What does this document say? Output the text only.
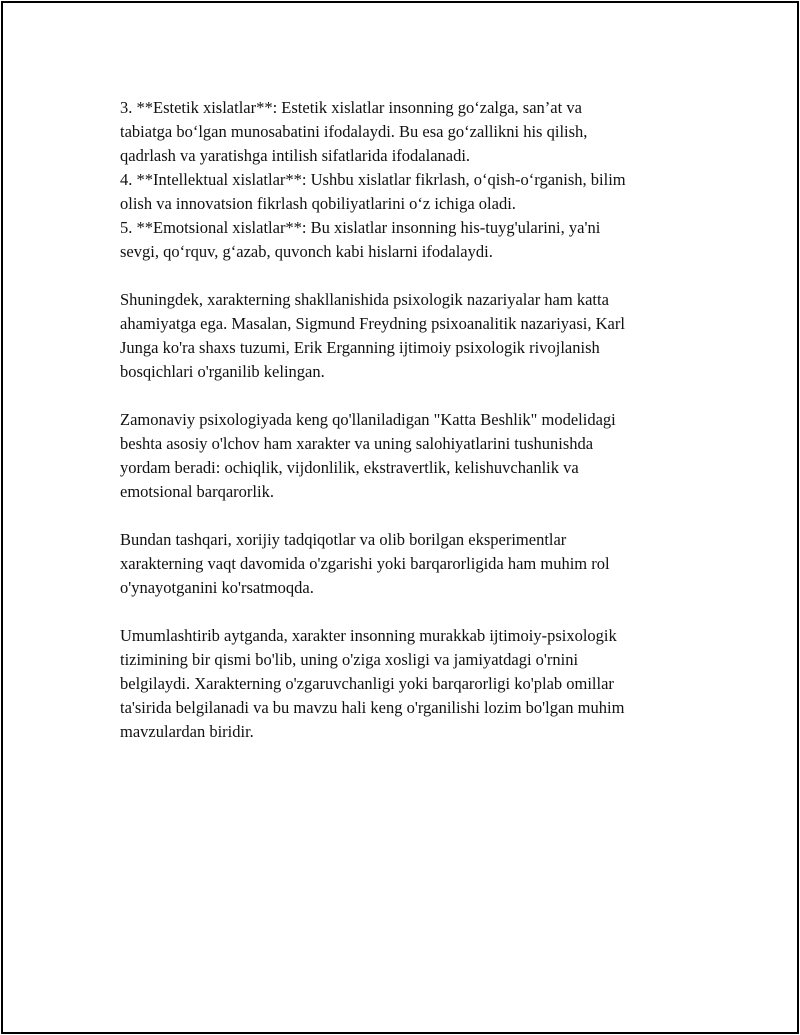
3. **Estetik xislatlar**: Estetik xislatlar insonning go‘zalga, san’at va
tabiatga bo‘lgan munosabatini ifodalaydi. Bu esa go‘zallikni his qilish,
qadrlash va yaratishga intilish sifatlarida ifodalanadi.
4. **Intellektual xislatlar**: Ushbu xislatlar fikrlash, o‘qish-o‘rganish, bilim
olish va innovatsion fikrlash qobiliyatlarini o‘z ichiga oladi.
5. **Emotsional xislatlar**: Bu xislatlar insonning his-tuyg'ularini, ya'ni
sevgi, qo‘rquv, g‘azab, quvonch kabi hislarni ifodalaydi.
Shuningdek, xarakterning shakllanishida psixologik nazariyalar ham katta
ahamiyatga ega. Masalan, Sigmund Freydning psixoanalitik nazariyasi, Karl
Junga ko'ra shaxs tuzumi, Erik Erganning ijtimoiy psixologik rivojlanish
bosqichlari o'rganilib kelingan.
Zamonaviy psixologiyada keng qo'llaniladigan "Katta Beshlik" modelidagi
beshta asosiy o'lchov ham xarakter va uning salohiyatlarini tushunishda
yordam beradi: ochiqlik, vijdonlilik, ekstravertlik, kelishuvchanlik va
emotsional barqarorlik.
Bundan tashqari, xorijiy tadqiqotlar va olib borilgan eksperimentlar
xarakterning vaqt davomida o'zgarishi yoki barqarorligida ham muhim rol
o'ynayotganini ko'rsatmoqda.
Umumlashtirib aytganda, xarakter insonning murakkab ijtimoiy-psixologik
tizimining bir qismi bo'lib, uning o'ziga xosligi va jamiyatdagi o'rnini
belgilaydi. Xarakterning o'zgaruvchanligi yoki barqarorligi ko'plab omillar
ta'sirida belgilanadi va bu mavzu hali keng o'rganilishi lozim bo'lgan muhim
mavzulardan biridir.
